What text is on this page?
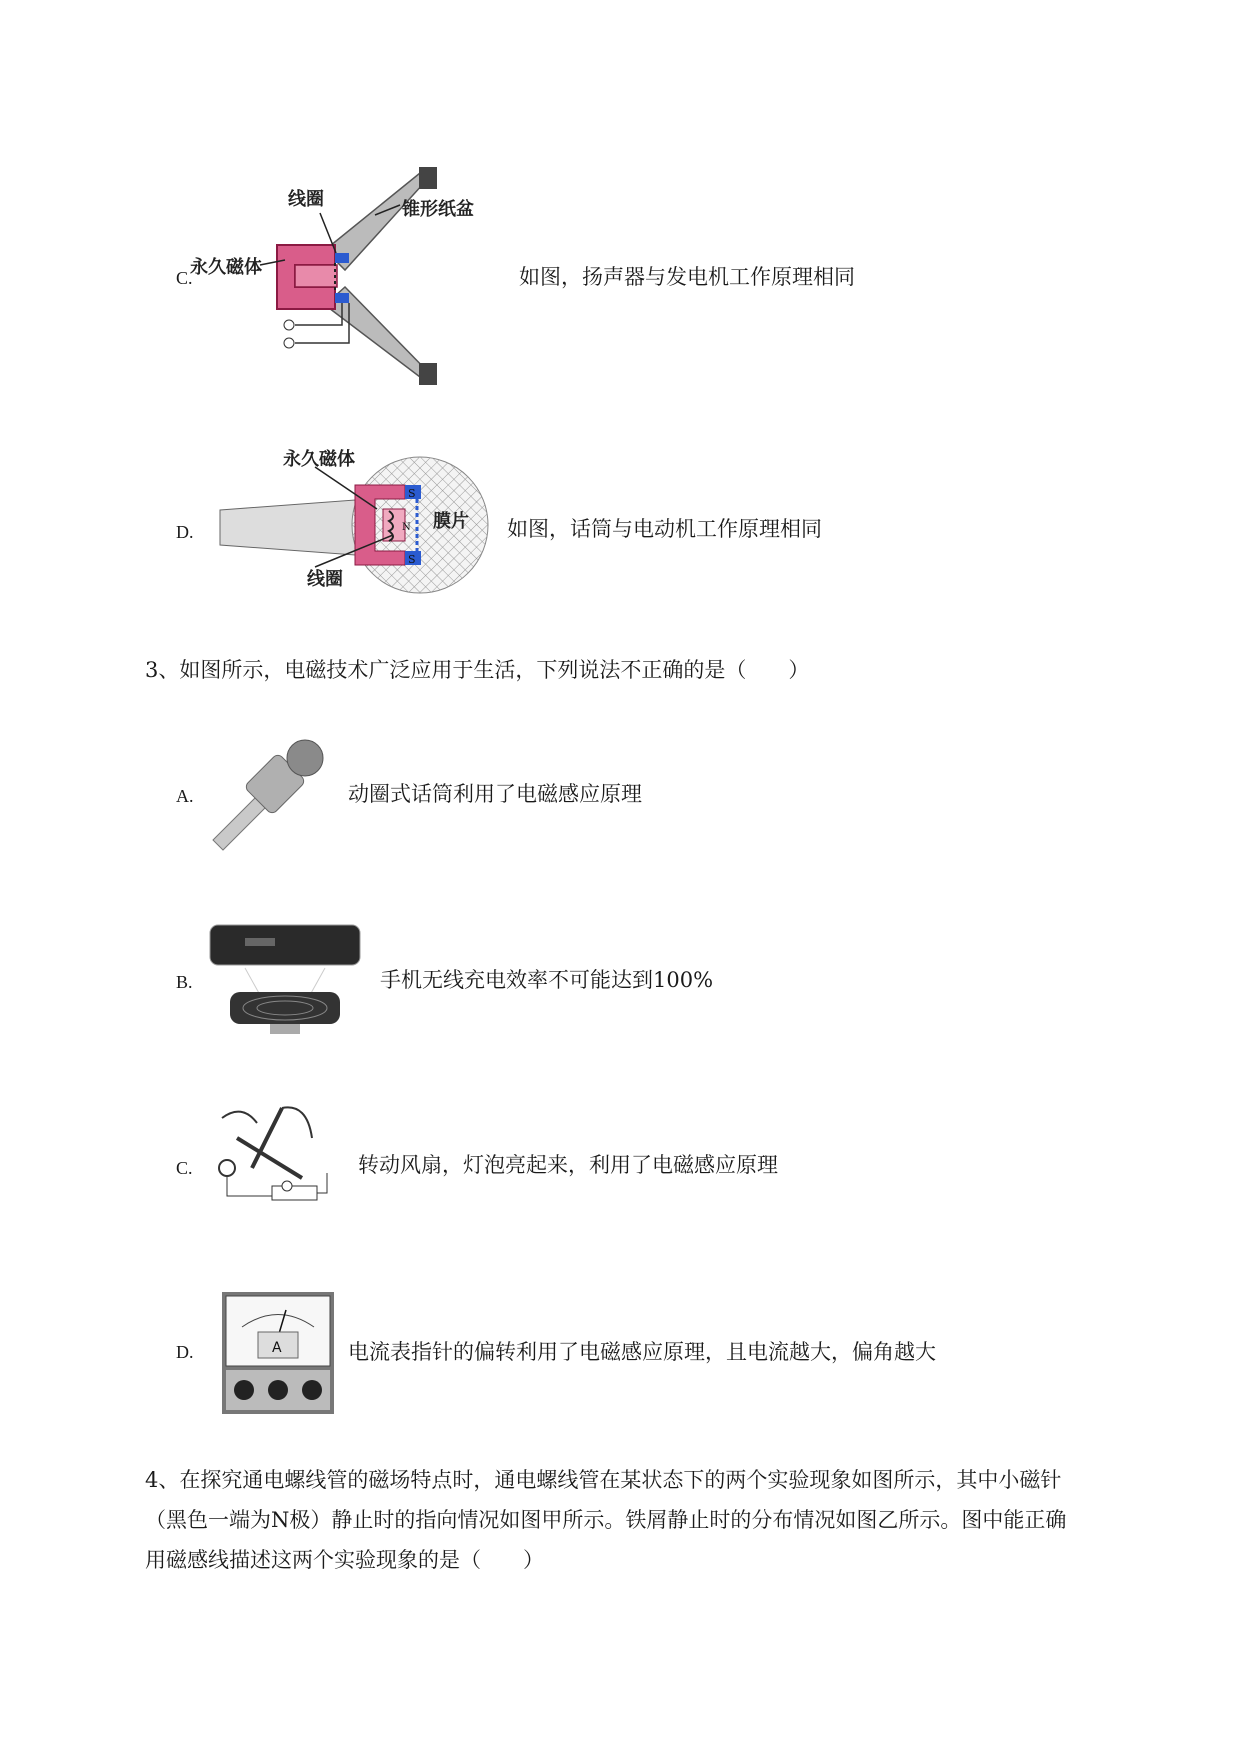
C.
线圈	锥形纸盆
永久磁体	如图，扬声器与发电机工作原理相同
D.
S
S
N
永久磁体
膜片
线圈
如图，话筒与电动机工作原理相同
3、如图所示，电磁技术广泛应用于生活，下列说法不正确的是（　　）
A.	动圈式话筒利用了电磁感应原理
B.	手机无线充电效率不可能达到100%
C.	转动风扇，灯泡亮起来，利用了电磁感应原理
D.	A	电流表指针的偏转利用了电磁感应原理，且电流越大，偏角越大
4、在探究通电螺线管的磁场特点时，通电螺线管在某状态下的两个实验现象如图所示，其中小磁针
（黑色一端为N极）静止时的指向情况如图甲所示。铁屑静止时的分布情况如图乙所示。图中能正确
用磁感线描述这两个实验现象的是（　　）
